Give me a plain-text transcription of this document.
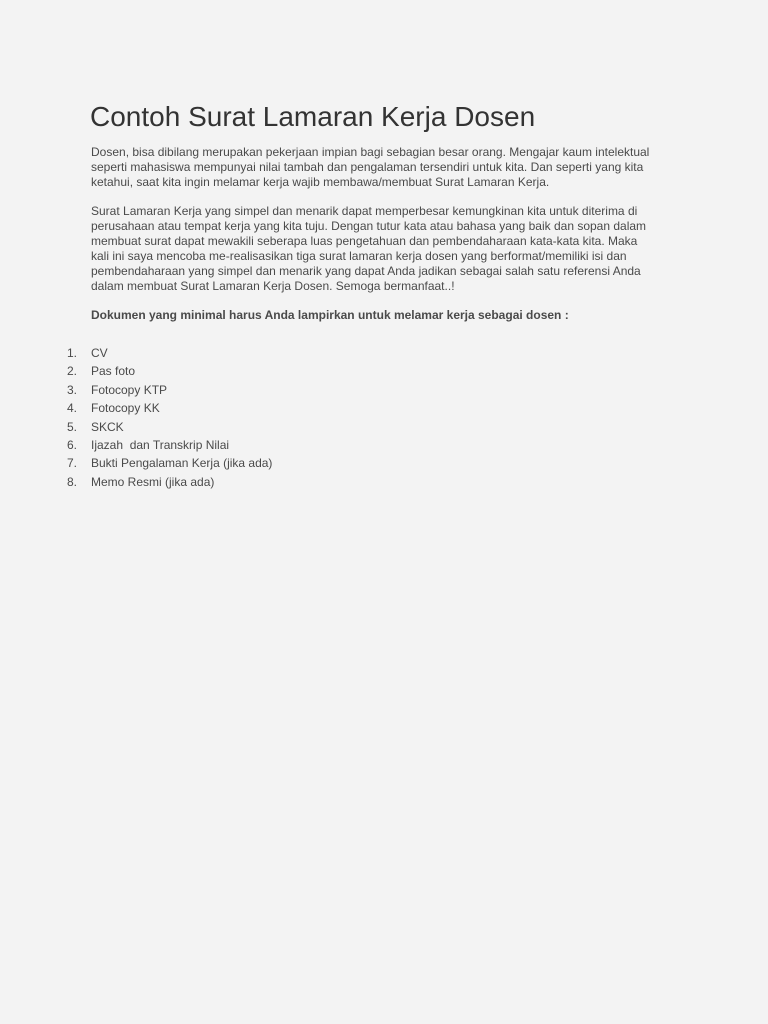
Contoh Surat Lamaran Kerja Dosen

Dosen, bisa dibilang merupakan pekerjaan impian bagi sebagian besar orang. Mengajar kaum intelektual
seperti mahasiswa mempunyai nilai tambah dan pengalaman tersendiri untuk kita. Dan seperti yang kita
ketahui, saat kita ingin melamar kerja wajib membawa/membuat Surat Lamaran Kerja.

Surat Lamaran Kerja yang simpel dan menarik dapat memperbesar kemungkinan kita untuk diterima di
perusahaan atau tempat kerja yang kita tuju. Dengan tutur kata atau bahasa yang baik dan sopan dalam
membuat surat dapat mewakili seberapa luas pengetahuan dan pembendaharaan kata-kata kita. Maka
kali ini saya mencoba me-realisasikan tiga surat lamaran kerja dosen yang berformat/memiliki isi dan
pembendaharaan yang simpel dan menarik yang dapat Anda jadikan sebagai salah satu referensi Anda
dalam membuat Surat Lamaran Kerja Dosen. Semoga bermanfaat..!

Dokumen yang minimal harus Anda lampirkan untuk melamar kerja sebagai dosen :

1. CV
2. Pas foto
3. Fotocopy KTP
4. Fotocopy KK
5. SKCK
6. Ijazah  dan Transkrip Nilai
7. Bukti Pengalaman Kerja (jika ada)
8. Memo Resmi (jika ada)
